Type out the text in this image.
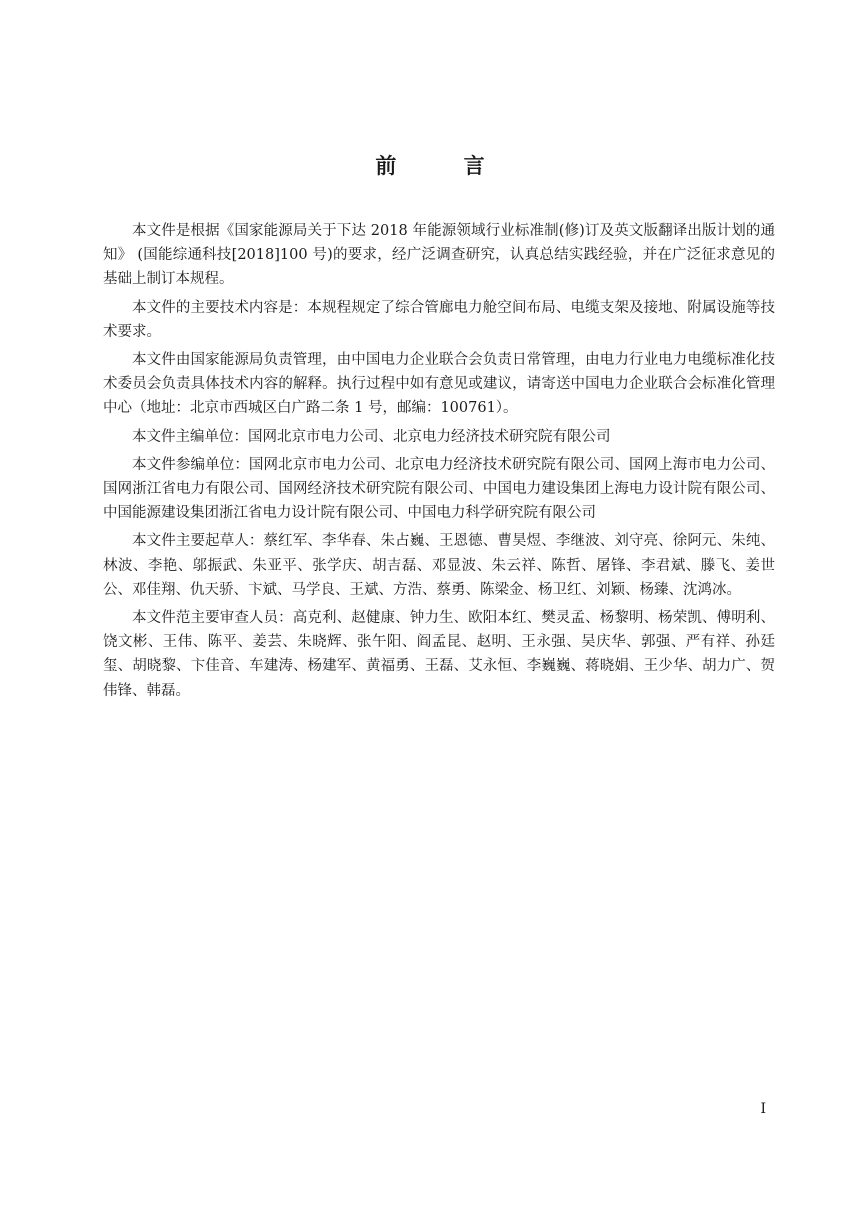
前 言

本文件是根据《国家能源局关于下达 2018 年能源领域行业标准制(修)订及英文版翻译出版计划的通知》 (国能综通科技[2018]100 号)的要求，经广泛调查研究，认真总结实践经验，并在广泛征求意见的基础上制订本规程。

本文件的主要技术内容是：本规程规定了综合管廊电力舱空间布局、电缆支架及接地、附属设施等技术要求。

本文件由国家能源局负责管理，由中国电力企业联合会负责日常管理，由电力行业电力电缆标准化技术委员会负责具体技术内容的解释。执行过程中如有意见或建议，请寄送中国电力企业联合会标准化管理中心（地址：北京市西城区白广路二条 1 号，邮编：100761）。

本文件主编单位：国网北京市电力公司、北京电力经济技术研究院有限公司

本文件参编单位：国网北京市电力公司、北京电力经济技术研究院有限公司、国网上海市电力公司、国网浙江省电力有限公司、国网经济技术研究院有限公司、中国电力建设集团上海电力设计院有限公司、中国能源建设集团浙江省电力设计院有限公司、中国电力科学研究院有限公司

本文件主要起草人：蔡红军、李华春、朱占巍、王恩德、曹昊煜、李继波、刘守亮、徐阿元、朱纯、林波、李艳、邬振武、朱亚平、张学庆、胡吉磊、邓显波、朱云祥、陈哲、屠锋、李君斌、滕飞、姜世公、邓佳翔、仇天骄、卞斌、马学良、王斌、方浩、蔡勇、陈梁金、杨卫红、刘颖、杨臻、沈鸿冰。

本文件范主要审查人员：高克利、赵健康、钟力生、欧阳本红、樊灵孟、杨黎明、杨荣凯、傅明利、饶文彬、王伟、陈平、姜芸、朱晓辉、张午阳、阎孟昆、赵明、王永强、吴庆华、郭强、严有祥、孙廷玺、胡晓黎、卞佳音、车建涛、杨建军、黄福勇、王磊、艾永恒、李巍巍、蒋晓娟、王少华、胡力广、贺伟锋、韩磊。

I
